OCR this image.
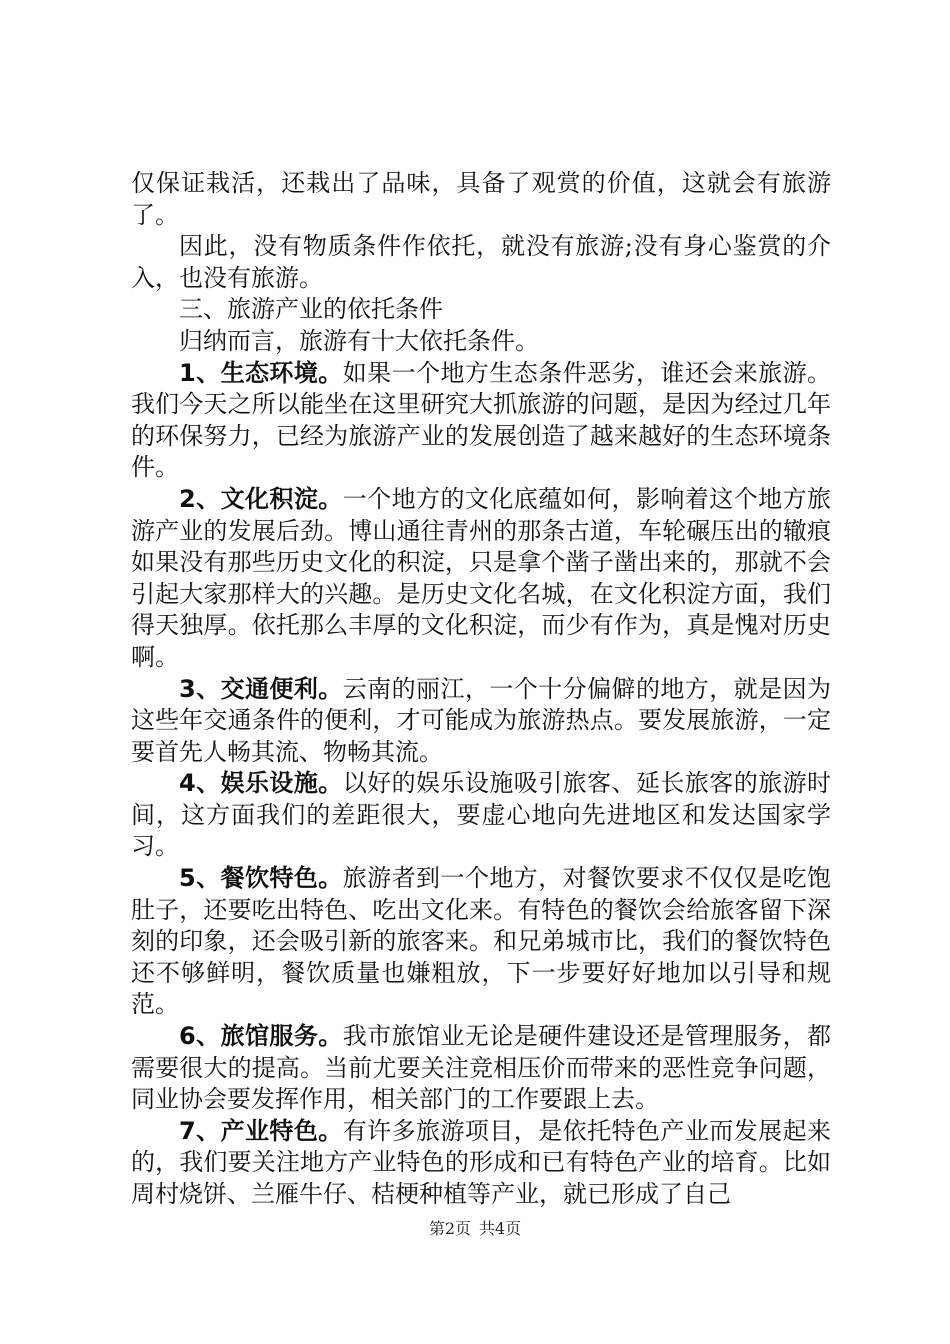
仅保证栽活，还栽出了品味，具备了观赏的价值，这就会有旅游了。

因此，没有物质条件作依托，就没有旅游;没有身心鉴赏的介入，也没有旅游。

三、旅游产业的依托条件

归纳而言，旅游有十大依托条件。

1、生态环境。如果一个地方生态条件恶劣，谁还会来旅游。我们今天之所以能坐在这里研究大抓旅游的问题，是因为经过几年的环保努力，已经为旅游产业的发展创造了越来越好的生态环境条件。

2、文化积淀。一个地方的文化底蕴如何，影响着这个地方旅游产业的发展后劲。博山通往青州的那条古道，车轮碾压出的辙痕如果没有那些历史文化的积淀，只是拿个凿子凿出来的，那就不会引起大家那样大的兴趣。是历史文化名城，在文化积淀方面，我们得天独厚。依托那么丰厚的文化积淀，而少有作为，真是愧对历史啊。

3、交通便利。云南的丽江，一个十分偏僻的地方，就是因为这些年交通条件的便利，才可能成为旅游热点。要发展旅游，一定要首先人畅其流、物畅其流。

4、娱乐设施。以好的娱乐设施吸引旅客、延长旅客的旅游时间，这方面我们的差距很大，要虚心地向先进地区和发达国家学习。

5、餐饮特色。旅游者到一个地方，对餐饮要求不仅仅是吃饱肚子，还要吃出特色、吃出文化来。有特色的餐饮会给旅客留下深刻的印象，还会吸引新的旅客来。和兄弟城市比，我们的餐饮特色还不够鲜明，餐饮质量也嫌粗放，下一步要好好地加以引导和规范。

6、旅馆服务。我市旅馆业无论是硬件建设还是管理服务，都需要很大的提高。当前尤要关注竞相压价而带来的恶性竞争问题，同业协会要发挥作用，相关部门的工作要跟上去。

7、产业特色。有许多旅游项目，是依托特色产业而发展起来的，我们要关注地方产业特色的形成和已有特色产业的培育。比如周村烧饼、兰雁牛仔、桔梗种植等产业，就已形成了自己

第2页 共4页
